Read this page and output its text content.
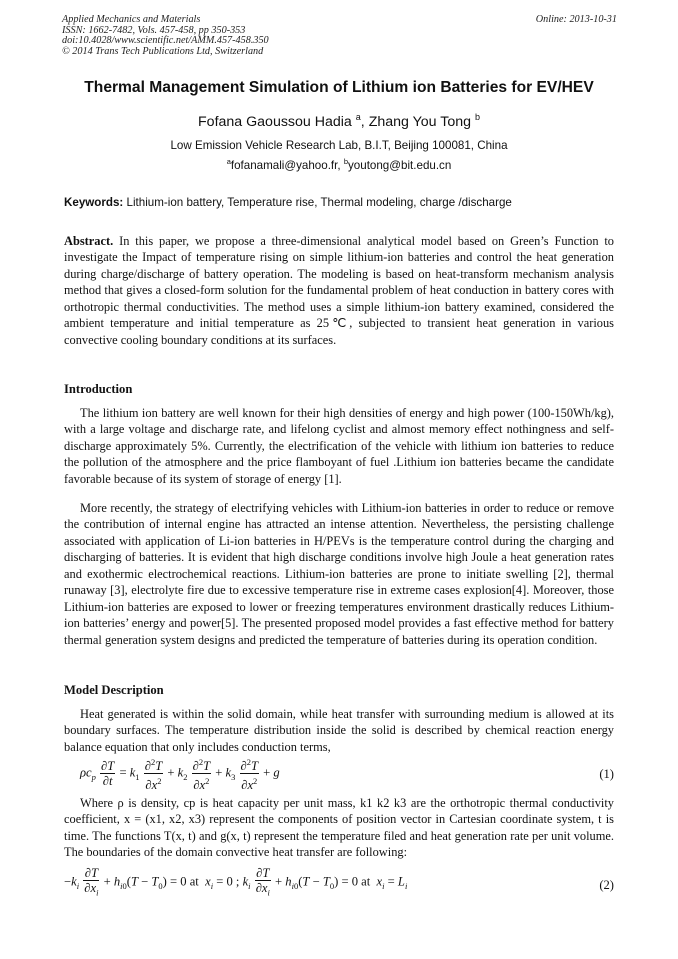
Applied Mechanics and Materials
ISSN: 1662-7482, Vols. 457-458, pp 350-353
doi:10.4028/www.scientific.net/AMM.457-458.350
© 2014 Trans Tech Publications Ltd, Switzerland
Online: 2013-10-31
Thermal Management Simulation of Lithium ion Batteries for EV/HEV
Fofana Gaoussou Hadia $^a$, Zhang You Tong $^b$
Low Emission Vehicle Research Lab, B.I.T, Beijing 100081, China
$^a$fofanamali@yahoo.fr, $^b$youtong@bit.edu.cn
Keywords: Lithium-ion battery, Temperature rise, Thermal modeling, charge /discharge
Abstract. In this paper, we propose a three-dimensional analytical model based on Green’s Function to investigate the Impact of temperature rising on simple lithium-ion batteries and control the heat generation during charge/discharge of battery operation. The modeling is based on heat-transform mechanism analysis method that gives a closed-form solution for the fundamental problem of heat conduction in battery cores with orthotropic thermal conductivities. The method uses a simple lithium-ion battery examined, considered the ambient temperature and initial temperature as 25℃, subjected to transient heat generation in various convective cooling boundary conditions at its surfaces.
Introduction
The lithium ion battery are well known for their high densities of energy and high power (100-150Wh/kg), with a large voltage and discharge rate, and lifelong cyclist and almost memory effect nothingness and self-discharge approximately 5%. Currently, the electrification of the vehicle with lithium ion batteries to reduce the pollution of the atmosphere and the price flamboyant of fuel .Lithium ion batteries became the candidate favorable because of its system of storage of energy [1].
More recently, the strategy of electrifying vehicles with Lithium-ion batteries in order to reduce or remove the contribution of internal engine has attracted an intense attention. Nevertheless, the persisting challenge associated with application of Li-ion batteries in H/PEVs is the temperature control during the charging and discharging of batteries. It is evident that high discharge conditions involve high Joule a heat generation rates and exothermic electrochemical reactions. Lithium-ion batteries are prone to initiate swelling [2], thermal runaway [3], electrolyte fire due to excessive temperature rise in extreme cases explosion[4]. Moreover, those Lithium-ion batteries are exposed to lower or freezing temperatures environment drastically reduces Lithium-ion batteries’ energy and power[5]. The presented proposed model provides a fast effective method for battery thermal generation system designs and predicted the temperature of batteries during its operation condition.
Model Description
Heat generated is within the solid domain, while heat transfer with surrounding medium is allowed at its boundary surfaces. The temperature distribution inside the solid is described by chemical reaction energy balance equation that only includes conduction terms,
$\rho c_p \frac{\partial T}{\partial t} = k_1 \frac{\partial^2T}{\partial x^2} + k_2 \frac{\partial^2T}{\partial x^2} + k_3 \frac{\partial^2T}{\partial x^2} + g$	(1)
Where ρ is density, cp is heat capacity per unit mass, k1 k2 k3 are the orthotropic thermal conductivity coefficient, x = (x1, x2, x3) represent the components of position vector in Cartesian coordinate system, t is time. The functions T(x, t) and g(x, t) represent the temperature filed and heat generation rate per unit volume. The boundaries of the domain convective heat transfer are following:
$-k_i \frac{\partial T}{\partial x_i} + h_{i0}(T - T_0) = 0$ at  $x_i = 0$ ; $k_i \frac{\partial T}{\partial x_i} + h_{i0}(T - T_0) = 0$ at  $x_i = L_i$	(2)
